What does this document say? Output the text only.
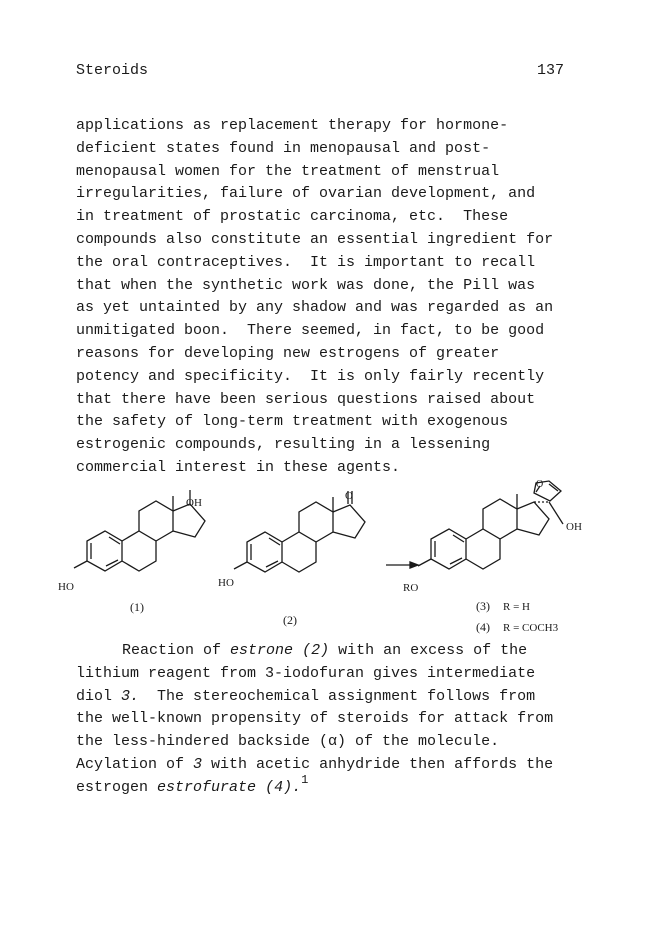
Steroids	137
applications as replacement therapy for hormone-
deficient states found in menopausal and post-
menopausal women for the treatment of menstrual
irregularities, failure of ovarian development, and
in treatment of prostatic carcinoma, etc.  These
compounds also constitute an essential ingredient for
the oral contraceptives.  It is important to recall
that when the synthetic work was done, the Pill was
as yet untainted by any shadow and was regarded as an
unmitigated boon.  There seemed, in fact, to be good
reasons for developing new estrogens of greater
potency and specificity.  It is only fairly recently
that there have been serious questions raised about
the safety of long-term treatment with exogenous
estrogenic compounds, resulting in a lessening
commercial interest in these agents.
OH
HO
(1)
O
HO
(2)
O
OH
RO
(3) R = H
(4) R = COCH3
Reaction of estrone (2) with an excess of the
lithium reagent from 3-iodofuran gives intermediate
diol 3.  The stereochemical assignment follows from
the well-known propensity of steroids for attack from
the less-hindered backside (α) of the molecule.
Acylation of 3 with acetic anhydride then affords the
estrogen estrofurate (4).$^1$
